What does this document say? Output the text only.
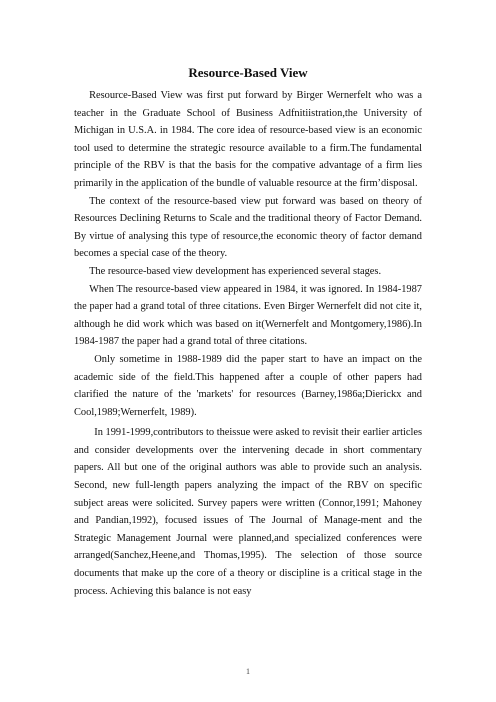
Resource-Based View

Resource-Based View was first put forward by Birger Wernerfelt who was a teacher in the Graduate School of Business Adfnitiistration,the University of Michigan in U.S.A. in 1984. The core idea of resource-based view is an economic tool used to determine the strategic resource available to a firm.The fundamental principle of the RBV is that the basis for the compative advantage of a firm lies primarily in the application of the bundle of valuable resource at the firm’disposal.

The context of the resource-based view put forward was based on theory of Resources Declining Returns to Scale and the traditional theory of Factor Demand. By virtue of analysing this type of resource,the economic theory of factor demand becomes a special case of the theory.

The resource-based view development has experienced several stages.

When The resource-based view appeared in 1984, it was ignored. In 1984-1987 the paper had a grand total of three citations. Even Birger Wernerfelt did not cite it, although he did work which was based on it(Wernerfelt and Montgomery,1986).In 1984-1987 the paper had a grand total of three citations.

Only sometime in 1988-1989 did the paper start to have an impact on the academic side of the field.This happened after a couple of other papers had clarified the nature of the 'markets' for resources (Barney,1986a;Dierickx and Cool,1989;Wernerfelt, 1989).

In 1991-1999,contributors to theissue were asked to revisit their earlier articles and consider developments over the intervening decade in short commentary papers. All but one of the original authors was able to provide such an analysis. Second, new full-length papers analyzing the impact of the RBV on specific subject areas were solicited. Survey papers were written (Connor,1991; Mahoney and Pandian,1992), focused issues of The Journal of Manage-ment and the Strategic Management Journal were planned,and specialized conferences were arranged(Sanchez,Heene,and Thomas,1995). The selection of those source documents that make up the core of a theory or discipline is a critical stage in the process. Achieving this balance is not easy

1
